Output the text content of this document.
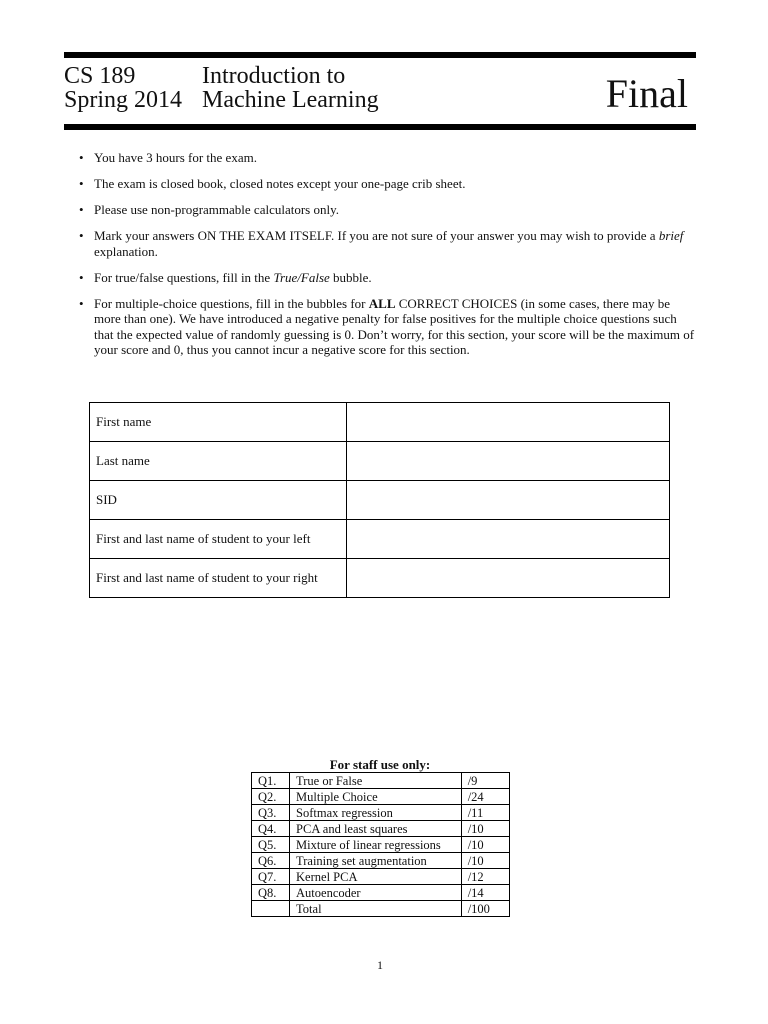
CS 189
Spring 2014
Introduction to
Machine Learning	Final
• You have 3 hours for the exam.
• The exam is closed book, closed notes except your one-page crib sheet.
• Please use non-programmable calculators only.
• Mark your answers ON THE EXAM ITSELF. If you are not sure of your answer you may wish to provide a brief explanation.
• For true/false questions, fill in the True/False bubble.
• For multiple-choice questions, fill in the bubbles for ALL CORRECT CHOICES (in some cases, there may be more than one). We have introduced a negative penalty for false positives for the multiple choice questions such that the expected value of randomly guessing is 0. Don’t worry, for this section, your score will be the maximum of your score and 0, thus you cannot incur a negative score for this section.
First name	
Last name	
SID	
First and last name of student to your left	
First and last name of student to your right	
For staff use only:
Q1.	True or False	/9
Q2.	Multiple Choice	/24
Q3.	Softmax regression	/11
Q4.	PCA and least squares	/10
Q5.	Mixture of linear regressions	/10
Q6.	Training set augmentation	/10
Q7.	Kernel PCA	/12
Q8.	Autoencoder	/14
	Total	/100
1
